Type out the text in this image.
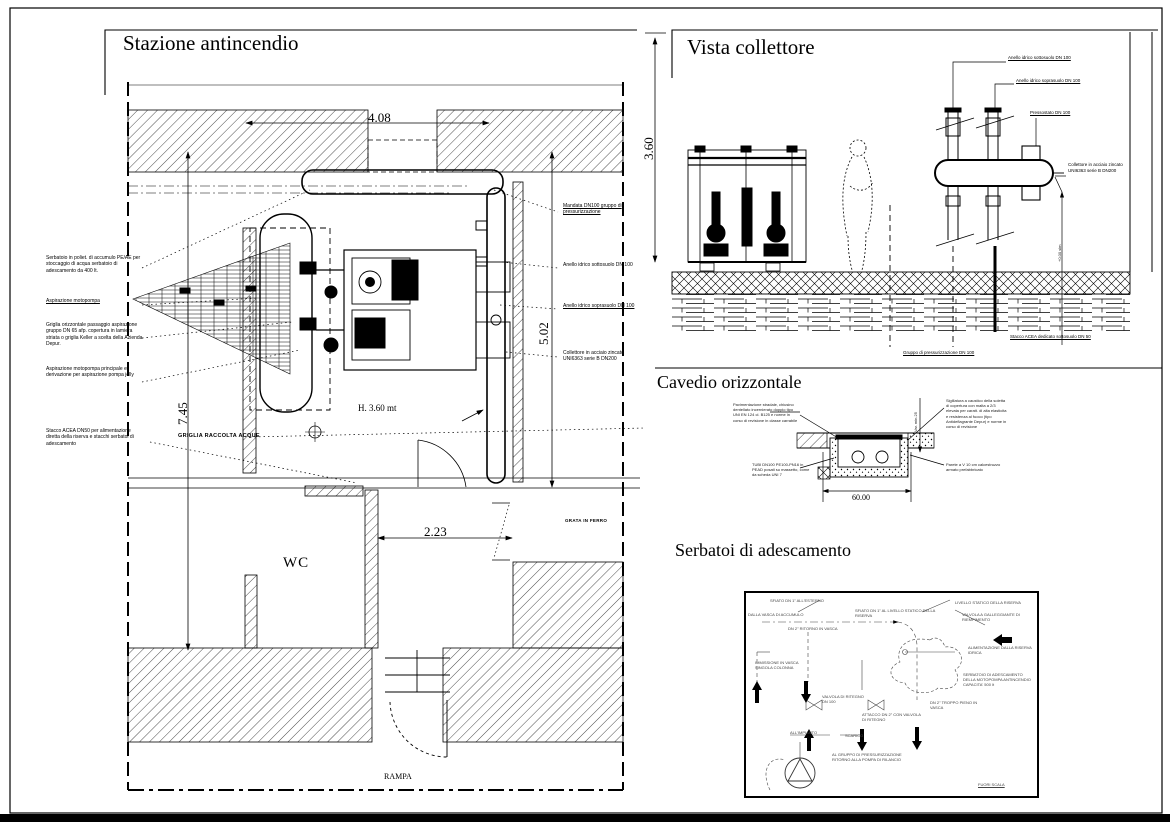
Stazione antincendio
4.08
7.45
5.02
2.23
H. 3.60 mt
WC
RAMPA
GRIGLIA RACCOLTA ACQUE
GRATA IN FERRO
Serbatoio in poliet. di accumulo PE/AE per stoccaggio di acqua serbatoio di adescamento da 400 lt.
Aspirazione motopompa
Griglia orizzontale passaggio aspirazione gruppo DN 65 afp. copertura in lamiera striata o griglia Keller a scelta della Azienda Depur.
Aspirazione motopompa principale e derivazione per aspirazione pompa jolly
Stacco ACEA DN50 per alimentazione diretta della riserva e stacchi serbatoi di adescamento
Mandata DN100 gruppo di pressurizzazione
Anello idrico sottosuolo DN 100
Anello idrico soprasuolo DN 100
Collettore in acciaio zincato UNI6363 serie B DN200
Vista collettore
3.60
Anello idrico sottosuolo DN 100
Anello idrico soprasuolo DN 100
Pressostato DN 100
Collettore in acciaio zincato UNI6363 serie B DN200
Stacco ACEA dedicato sottosuolo DN 50
Gruppo di pressurizzazione DN 100
+0.00 slm
Cavedio orizzontale
60.00
Var. min.25
Pavimentazione stradale, chiusino dentellato incernierato doppio tipo UNI EN 124 cl. B125 e norme in corso di revisione in classe carrabile
TUBI DN100 PE100-PN16 in PEAD posati su massetto, come da scheda UNI 7
Sigillatura a caustico della soletta di copertura con malta a 2/3 elevata per caratt. di alta elasticita e resistenza al fuoco (tipo Antideflagrante Depur) e norme in corso di revisione
Parete a V 10 cm calcestruzzo armato prefabbricato
Serbatoi di adescamento
SFIATO DN 1" ALL'ESTERNO
DN 2" RITORNO IN VASCA
SFIATO DN 1" AL LIVELLO STATICO DELLA RISERVA
LIVELLO STATICO DELLA RISERVA
VALVOLA A GALLEGGIANTE DI RIEMPIMENTO
ALIMENTAZIONE DALLA RISERVA IDRICA
SERBATOIO DI ADESCAMENTO DELLA MOTOPOMPA ANTINCENDIO CAPACITA' 500 lt
DN 2" TROPPO PIENO IN VASCA
ATTACCO DN 2" CON VALVOLA DI RITEGNO
VALVOLA DI RITEGNO DN 100
IMMISSIONE IN VASCA SINGOLA COLONNA
ALL'IMPIANTO
SCARICO
AL GRUPPO DI PRESSURIZZAZIONE RITORNO ALLA POMPA DI RILANCIO
DALLA VASCA DI ACCUMULO
FUORI SCALA
